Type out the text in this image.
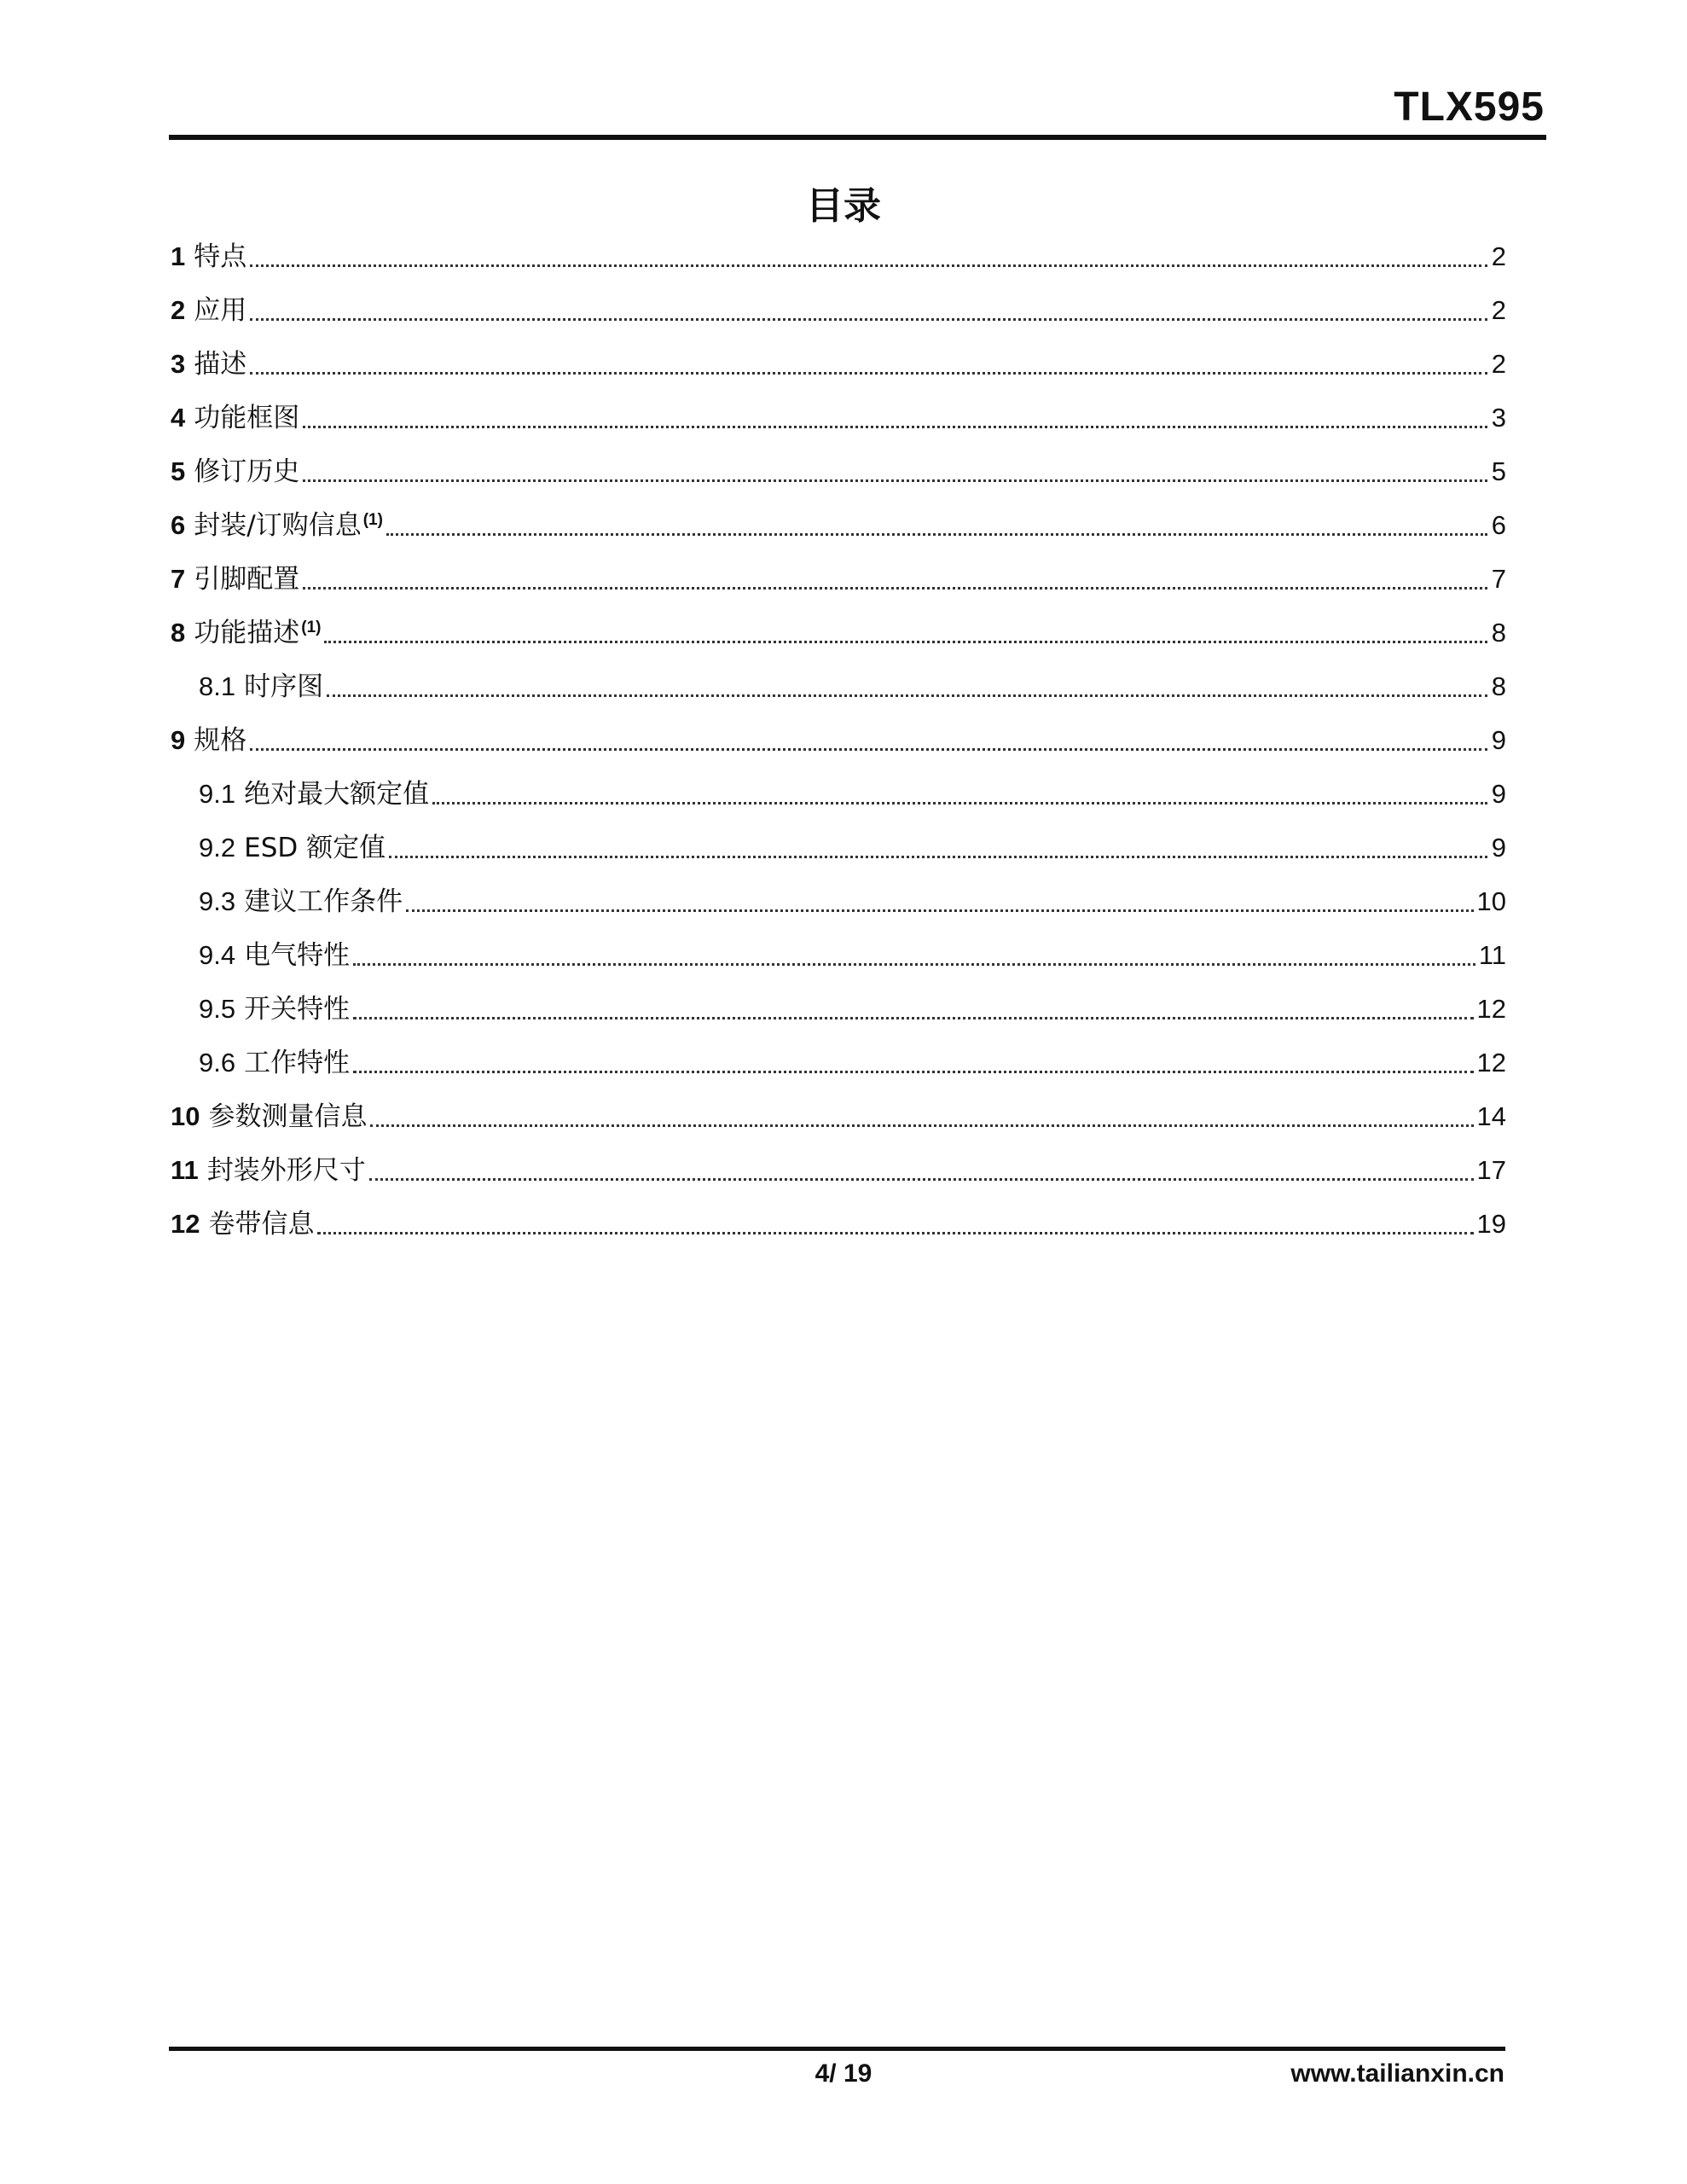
TLX595
目录
1 特点	2
2 应用	2
3 描述	2
4 功能框图	3
5 修订历史	5
6 封装/订购信息 (1)	6
7 引脚配置	7
8 功能描述 (1)	8
8.1 时序图	8
9 规格	9
9.1 绝对最大额定值	9
9.2 ESD 额定值	9
9.3 建议工作条件	10
9.4 电气特性	11
9.5 开关特性	12
9.6 工作特性	12
10 参数测量信息	14
11 封装外形尺寸	17
12 卷带信息	19
4/ 19	www.tailianxin.cn
